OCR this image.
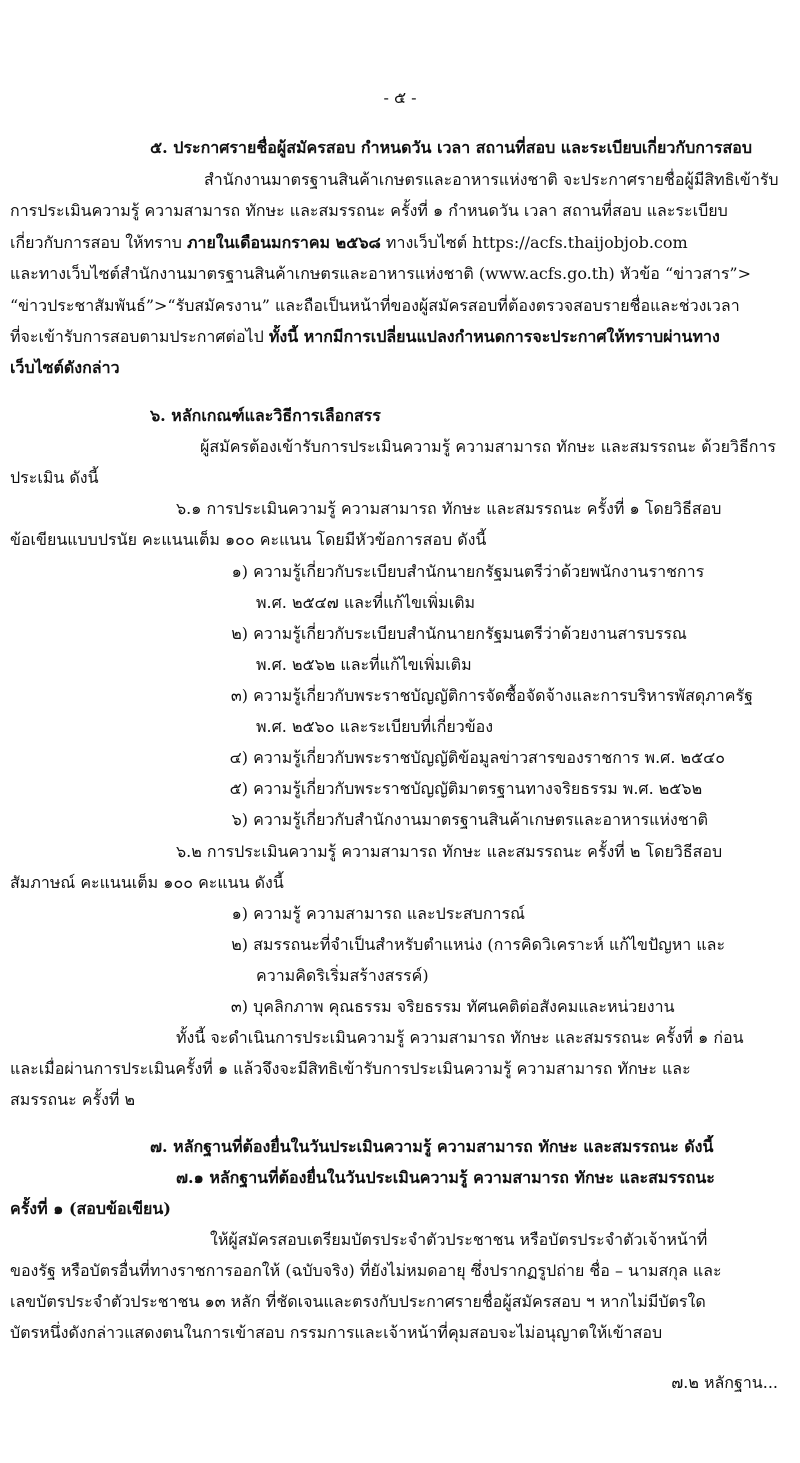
- ๕ -
๕. ประกาศรายชื่อผู้สมัครสอบ กำหนดวัน เวลา สถานที่สอบ และระเบียบเกี่ยวกับการสอบ
สำนักงานมาตรฐานสินค้าเกษตรและอาหารแห่งชาติ จะประกาศรายชื่อผู้มีสิทธิเข้ารับ
การประเมินความรู้ ความสามารถ ทักษะ และสมรรถนะ ครั้งที่ ๑ กำหนดวัน เวลา สถานที่สอบ และระเบียบ
เกี่ยวกับการสอบ ให้ทราบ ภายในเดือนมกราคม ๒๕๖๘ ทางเว็บไซต์ https://acfs.thaijobjob.com
และทางเว็บไซต์สำนักงานมาตรฐานสินค้าเกษตรและอาหารแห่งชาติ (www.acfs.go.th) หัวข้อ “ข่าวสาร”>
“ข่าวประชาสัมพันธ์”>“รับสมัครงาน” และถือเป็นหน้าที่ของผู้สมัครสอบที่ต้องตรวจสอบรายชื่อและช่วงเวลา
ที่จะเข้ารับการสอบตามประกาศต่อไป ทั้งนี้ หากมีการเปลี่ยนแปลงกำหนดการจะประกาศให้ทราบผ่านทาง
เว็บไซต์ดังกล่าว
๖. หลักเกณฑ์และวิธีการเลือกสรร
ผู้สมัครต้องเข้ารับการประเมินความรู้ ความสามารถ ทักษะ และสมรรถนะ ด้วยวิธีการ
ประเมิน ดังนี้
๖.๑ การประเมินความรู้ ความสามารถ ทักษะ และสมรรถนะ ครั้งที่ ๑ โดยวิธีสอบ
ข้อเขียนแบบปรนัย คะแนนเต็ม ๑๐๐ คะแนน โดยมีหัวข้อการสอบ ดังนี้
๑) ความรู้เกี่ยวกับระเบียบสำนักนายกรัฐมนตรีว่าด้วยพนักงานราชการ
พ.ศ. ๒๕๔๗ และที่แก้ไขเพิ่มเติม
๒) ความรู้เกี่ยวกับระเบียบสำนักนายกรัฐมนตรีว่าด้วยงานสารบรรณ
พ.ศ. ๒๕๖๒ และที่แก้ไขเพิ่มเติม
๓) ความรู้เกี่ยวกับพระราชบัญญัติการจัดซื้อจัดจ้างและการบริหารพัสดุภาครัฐ
พ.ศ. ๒๕๖๐ และระเบียบที่เกี่ยวข้อง
๔) ความรู้เกี่ยวกับพระราชบัญญัติข้อมูลข่าวสารของราชการ พ.ศ. ๒๕๔๐
๕) ความรู้เกี่ยวกับพระราชบัญญัติมาตรฐานทางจริยธรรม พ.ศ. ๒๕๖๒
๖) ความรู้เกี่ยวกับสำนักงานมาตรฐานสินค้าเกษตรและอาหารแห่งชาติ
๖.๒ การประเมินความรู้ ความสามารถ ทักษะ และสมรรถนะ ครั้งที่ ๒ โดยวิธีสอบ
สัมภาษณ์ คะแนนเต็ม ๑๐๐ คะแนน ดังนี้
๑) ความรู้ ความสามารถ และประสบการณ์
๒) สมรรถนะที่จำเป็นสำหรับตำแหน่ง (การคิดวิเคราะห์ แก้ไขปัญหา และ
ความคิดริเริ่มสร้างสรรค์)
๓) บุคลิกภาพ คุณธรรม จริยธรรม ทัศนคติต่อสังคมและหน่วยงาน
ทั้งนี้ จะดำเนินการประเมินความรู้ ความสามารถ ทักษะ และสมรรถนะ ครั้งที่ ๑ ก่อน
และเมื่อผ่านการประเมินครั้งที่ ๑ แล้วจึงจะมีสิทธิเข้ารับการประเมินความรู้ ความสามารถ ทักษะ และ
สมรรถนะ ครั้งที่ ๒
๗. หลักฐานที่ต้องยื่นในวันประเมินความรู้ ความสามารถ ทักษะ และสมรรถนะ ดังนี้
๗.๑ หลักฐานที่ต้องยื่นในวันประเมินความรู้ ความสามารถ ทักษะ และสมรรถนะ
ครั้งที่ ๑ (สอบข้อเขียน)
ให้ผู้สมัครสอบเตรียมบัตรประจำตัวประชาชน หรือบัตรประจำตัวเจ้าหน้าที่
ของรัฐ หรือบัตรอื่นที่ทางราชการออกให้ (ฉบับจริง) ที่ยังไม่หมดอายุ ซึ่งปรากฏรูปถ่าย ชื่อ – นามสกุล และ
เลขบัตรประจำตัวประชาชน ๑๓ หลัก ที่ชัดเจนและตรงกับประกาศรายชื่อผู้สมัครสอบ ฯ หากไม่มีบัตรใด
บัตรหนึ่งดังกล่าวแสดงตนในการเข้าสอบ กรรมการและเจ้าหน้าที่คุมสอบจะไม่อนุญาตให้เข้าสอบ
๗.๒ หลักฐาน...
